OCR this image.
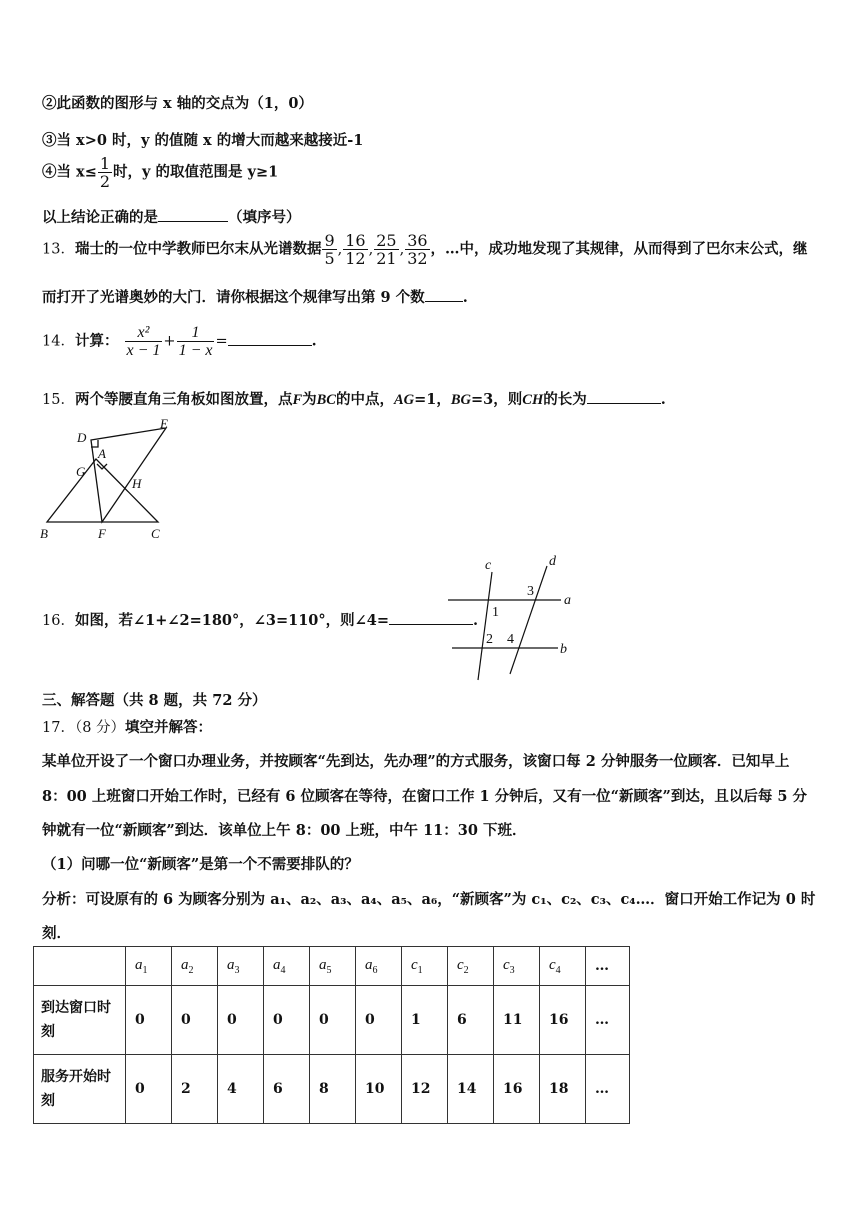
②此函数的图形与 x 轴的交点为（1，0）
③当 x>0 时，y 的值随 x 的增大而越来越接近-1
④当 $x\le \frac{1}{2}$ 时，y 的取值范围是 y≥1
以上结论正确的是	（填序号）
13．瑞士的一位中学教师巴尔末从光谱数据 $\frac{9}{5}$ , $\frac{16}{12}$ , $\frac{25}{21}$ , $\frac{36}{32}$ ，…中，成功地发现了其规律，从而得到了巴尔末公式，继
而打开了光谱奥妙的大门．请你根据这个规律写出第 9 个数	.
14．计算： $\frac{\text{x²}}{x - 1} + \frac{1}{1 - x}$ =	.
15．两个等腰直角三角板如图放置，点F为BC的中点，AG=1，BG=3，则CH的长为	.
D
E
G
A
H
B	F	C
16．如图，若∠1+∠2=180°，∠3=110°，则∠4=	.
c	d
a
b
1
2
3
4
三、解答题（共 8 题，共 72 分）
17．（8 分）填空并解答：
某单位开设了一个窗口办理业务，并按顾客“先到达，先办理”的方式服务，该窗口每 2 分钟服务一位顾客．已知早上
8：00 上班窗口开始工作时，已经有 6 位顾客在等待，在窗口工作 1 分钟后，又有一位“新顾客”到达，且以后每 5 分
钟就有一位“新顾客”到达．该单位上午 8：00 上班，中午 11：30 下班．
（1）问哪一位“新顾客”是第一个不需要排队的？
分析：可设原有的 6 为顾客分别为 a₁、a₂、a₃、a₄、a₅、a₆，“新顾客”为 c₁、c₂、c₃、c₄…．窗口开始工作记为 0 时
刻．
	$a_1$	$a_2$	$a_3$	$a_4$	$a_5$	$a_6$	$c_1$	$c_2$	$c_3$	$c_4$	…
到达窗口时
刻	0	0	0	0	0	0	1	6	11	16	…
服务开始时
刻	0	2	4	6	8	10	12	14	16	18	…
